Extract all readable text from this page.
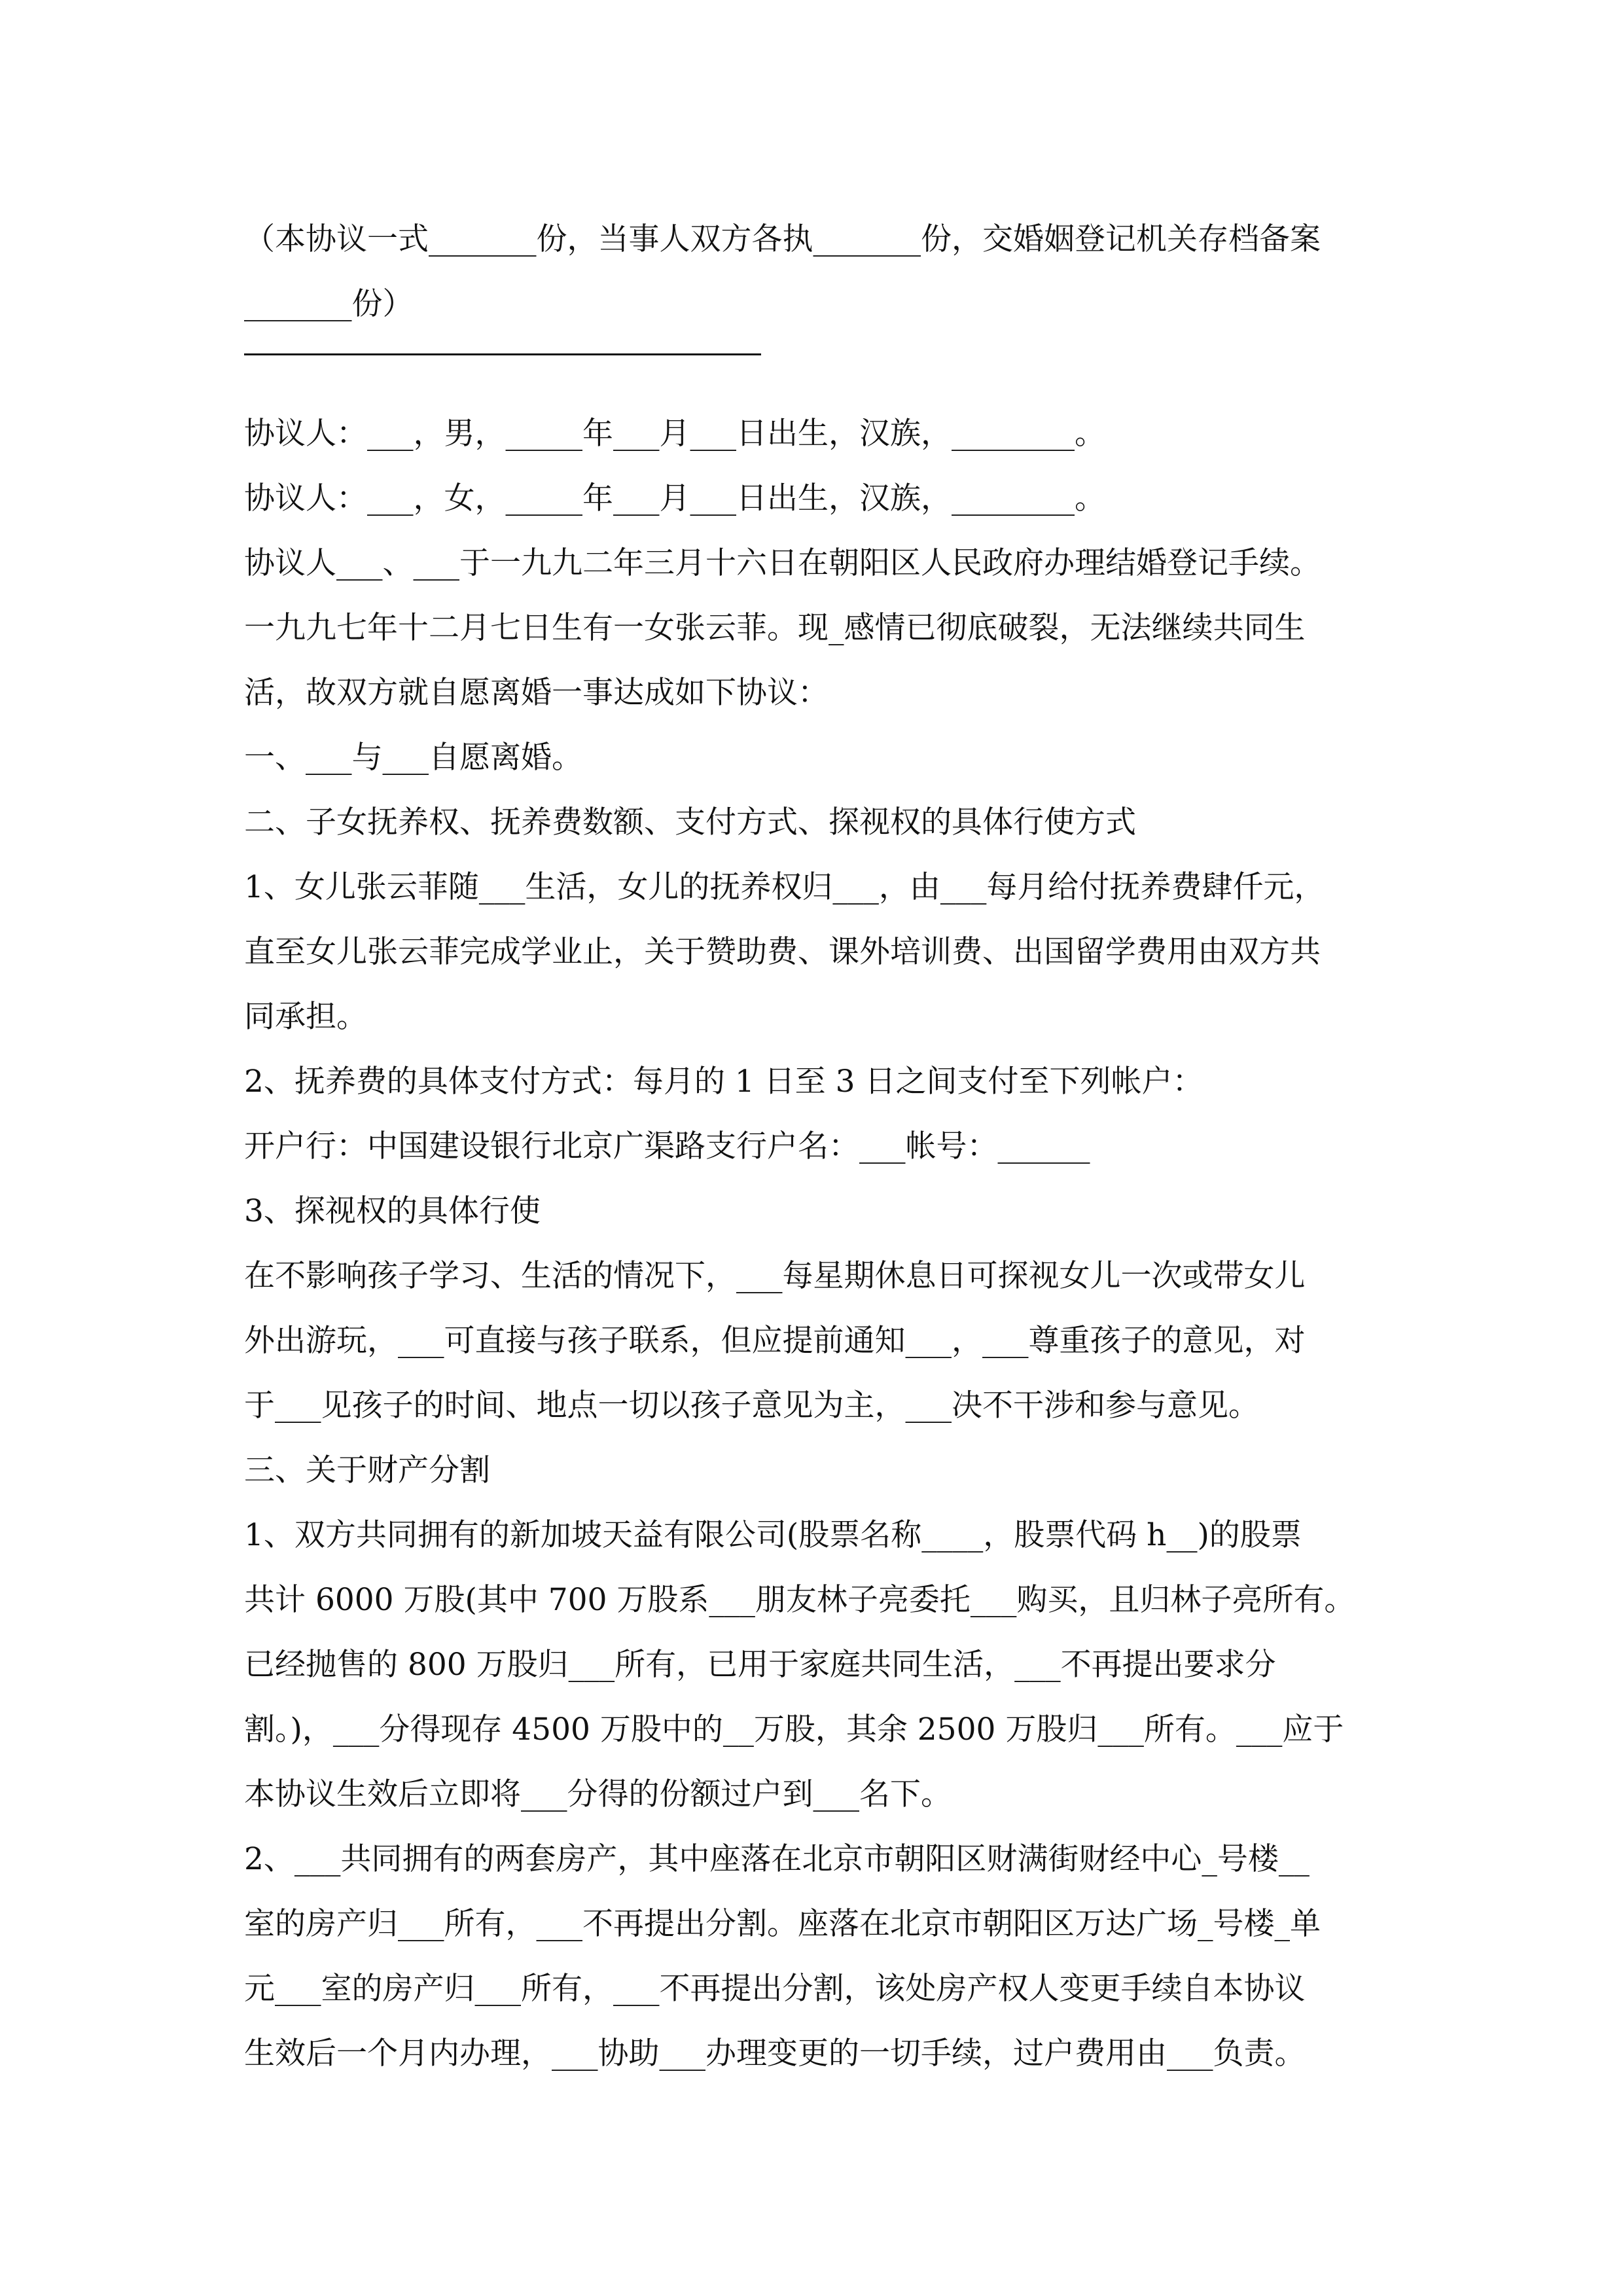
（本协议一式_______份，当事人双方各执_______份，交婚姻登记机关存档备案

_______份）

协议人：___，男，_____年___月___日出生，汉族，________。

协议人：___，女，_____年___月___日出生，汉族，________。

协议人___、___于一九九二年三月十六日在朝阳区人民政府办理结婚登记手续。

一九九七年十二月七日生有一女张云菲。现_感情已彻底破裂，无法继续共同生

活，故双方就自愿离婚一事达成如下协议：

一、___与___自愿离婚。

二、子女抚养权、抚养费数额、支付方式、探视权的具体行使方式

1、女儿张云菲随___生活，女儿的抚养权归___，由___每月给付抚养费肆仟元，

直至女儿张云菲完成学业止，关于赞助费、课外培训费、出国留学费用由双方共

同承担。

2、抚养费的具体支付方式：每月的 1 日至 3 日之间支付至下列帐户：

开户行：中国建设银行北京广渠路支行户名：___帐号：______

3、探视权的具体行使

在不影响孩子学习、生活的情况下，___每星期休息日可探视女儿一次或带女儿

外出游玩，___可直接与孩子联系，但应提前通知___，___尊重孩子的意见，对

于___见孩子的时间、地点一切以孩子意见为主，___决不干涉和参与意见。

三、关于财产分割

1、双方共同拥有的新加坡天益有限公司(股票名称____，股票代码 h__)的股票

共计 6000 万股(其中 700 万股系___朋友林子亮委托___购买，且归林子亮所有。

已经抛售的 800 万股归___所有，已用于家庭共同生活，___不再提出要求分

割。)，___分得现存 4500 万股中的__万股，其余 2500 万股归___所有。___应于

本协议生效后立即将___分得的份额过户到___名下。

2、___共同拥有的两套房产，其中座落在北京市朝阳区财满街财经中心_号楼__

室的房产归___所有，___不再提出分割。座落在北京市朝阳区万达广场_号楼_单

元___室的房产归___所有，___不再提出分割，该处房产权人变更手续自本协议

生效后一个月内办理，___协助___办理变更的一切手续，过户费用由___负责。
